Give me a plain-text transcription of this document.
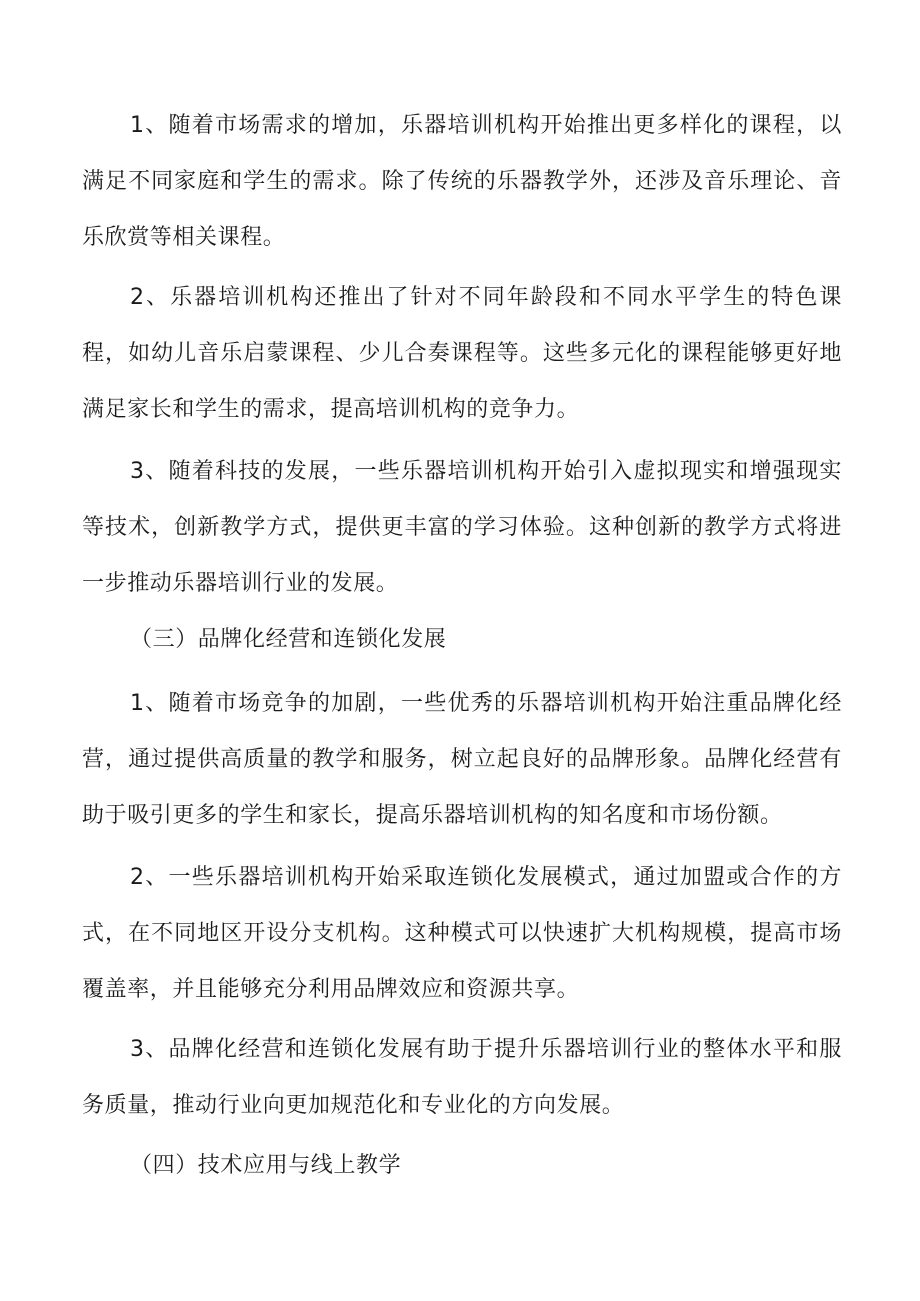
1、随着市场需求的增加，乐器培训机构开始推出更多样化的课程，以满足不同家庭和学生的需求。除了传统的乐器教学外，还涉及音乐理论、音乐欣赏等相关课程。

2、乐器培训机构还推出了针对不同年龄段和不同水平学生的特色课程，如幼儿音乐启蒙课程、少儿合奏课程等。这些多元化的课程能够更好地满足家长和学生的需求，提高培训机构的竞争力。

3、随着科技的发展，一些乐器培训机构开始引入虚拟现实和增强现实等技术，创新教学方式，提供更丰富的学习体验。这种创新的教学方式将进一步推动乐器培训行业的发展。

（三）品牌化经营和连锁化发展

1、随着市场竞争的加剧，一些优秀的乐器培训机构开始注重品牌化经营，通过提供高质量的教学和服务，树立起良好的品牌形象。品牌化经营有助于吸引更多的学生和家长，提高乐器培训机构的知名度和市场份额。

2、一些乐器培训机构开始采取连锁化发展模式，通过加盟或合作的方式，在不同地区开设分支机构。这种模式可以快速扩大机构规模，提高市场覆盖率，并且能够充分利用品牌效应和资源共享。

3、品牌化经营和连锁化发展有助于提升乐器培训行业的整体水平和服务质量，推动行业向更加规范化和专业化的方向发展。

（四）技术应用与线上教学
